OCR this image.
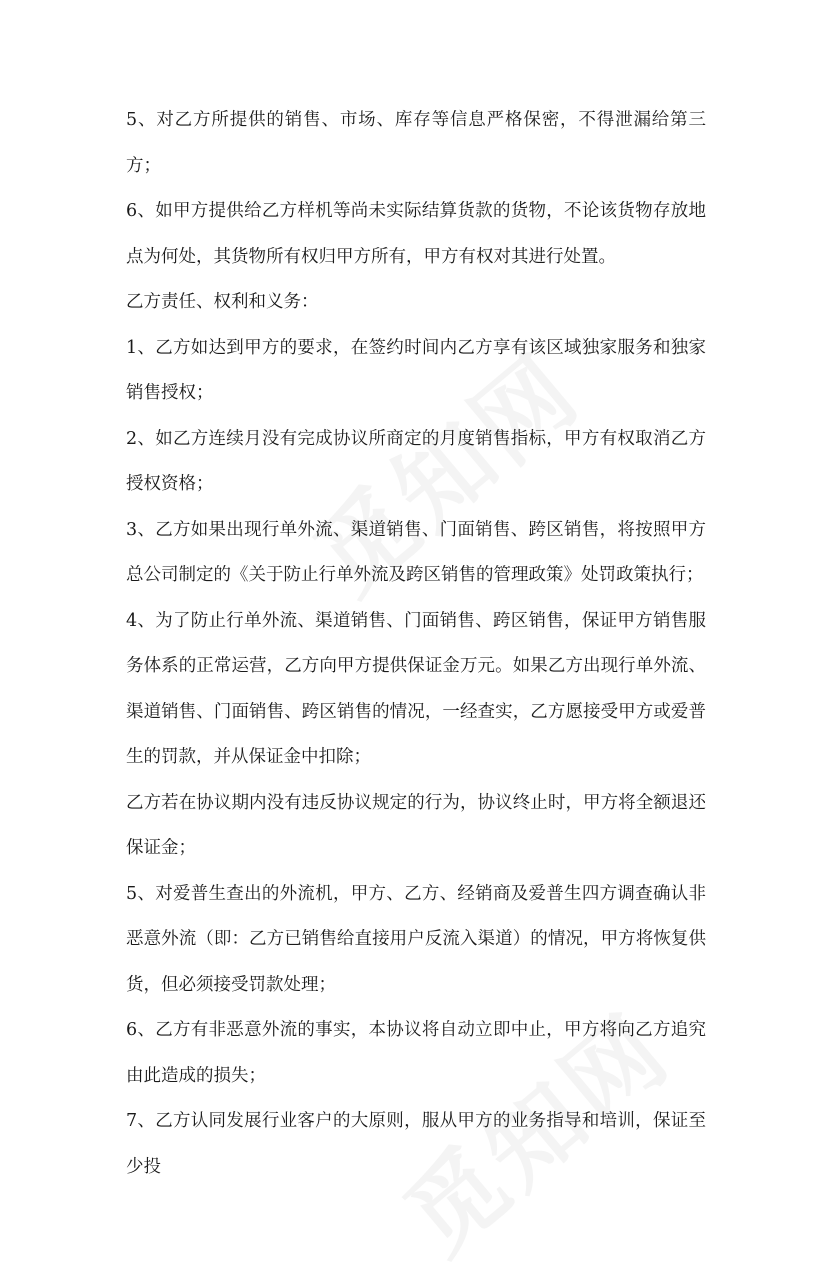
5、对乙方所提供的销售、市场、库存等信息严格保密，不得泄漏给第三方；

6、如甲方提供给乙方样机等尚未实际结算货款的货物，不论该货物存放地点为何处，其货物所有权归甲方所有，甲方有权对其进行处置。

乙方责任、权利和义务：

1、乙方如达到甲方的要求，在签约时间内乙方享有该区域独家服务和独家销售授权；

2、如乙方连续月没有完成协议所商定的月度销售指标，甲方有权取消乙方授权资格；

3、乙方如果出现行单外流、渠道销售、门面销售、跨区销售，将按照甲方总公司制定的《关于防止行单外流及跨区销售的管理政策》处罚政策执行；

4、为了防止行单外流、渠道销售、门面销售、跨区销售，保证甲方销售服务体系的正常运营，乙方向甲方提供保证金万元。如果乙方出现行单外流、渠道销售、门面销售、跨区销售的情况，一经查实，乙方愿接受甲方或爱普生的罚款，并从保证金中扣除；

乙方若在协议期内没有违反协议规定的行为，协议终止时，甲方将全额退还保证金；

5、对爱普生查出的外流机，甲方、乙方、经销商及爱普生四方调查确认非恶意外流（即：乙方已销售给直接用户反流入渠道）的情况，甲方将恢复供货，但必须接受罚款处理；

6、乙方有非恶意外流的事实，本协议将自动立即中止，甲方将向乙方追究由此造成的损失；

7、乙方认同发展行业客户的大原则，服从甲方的业务指导和培训，保证至少投
